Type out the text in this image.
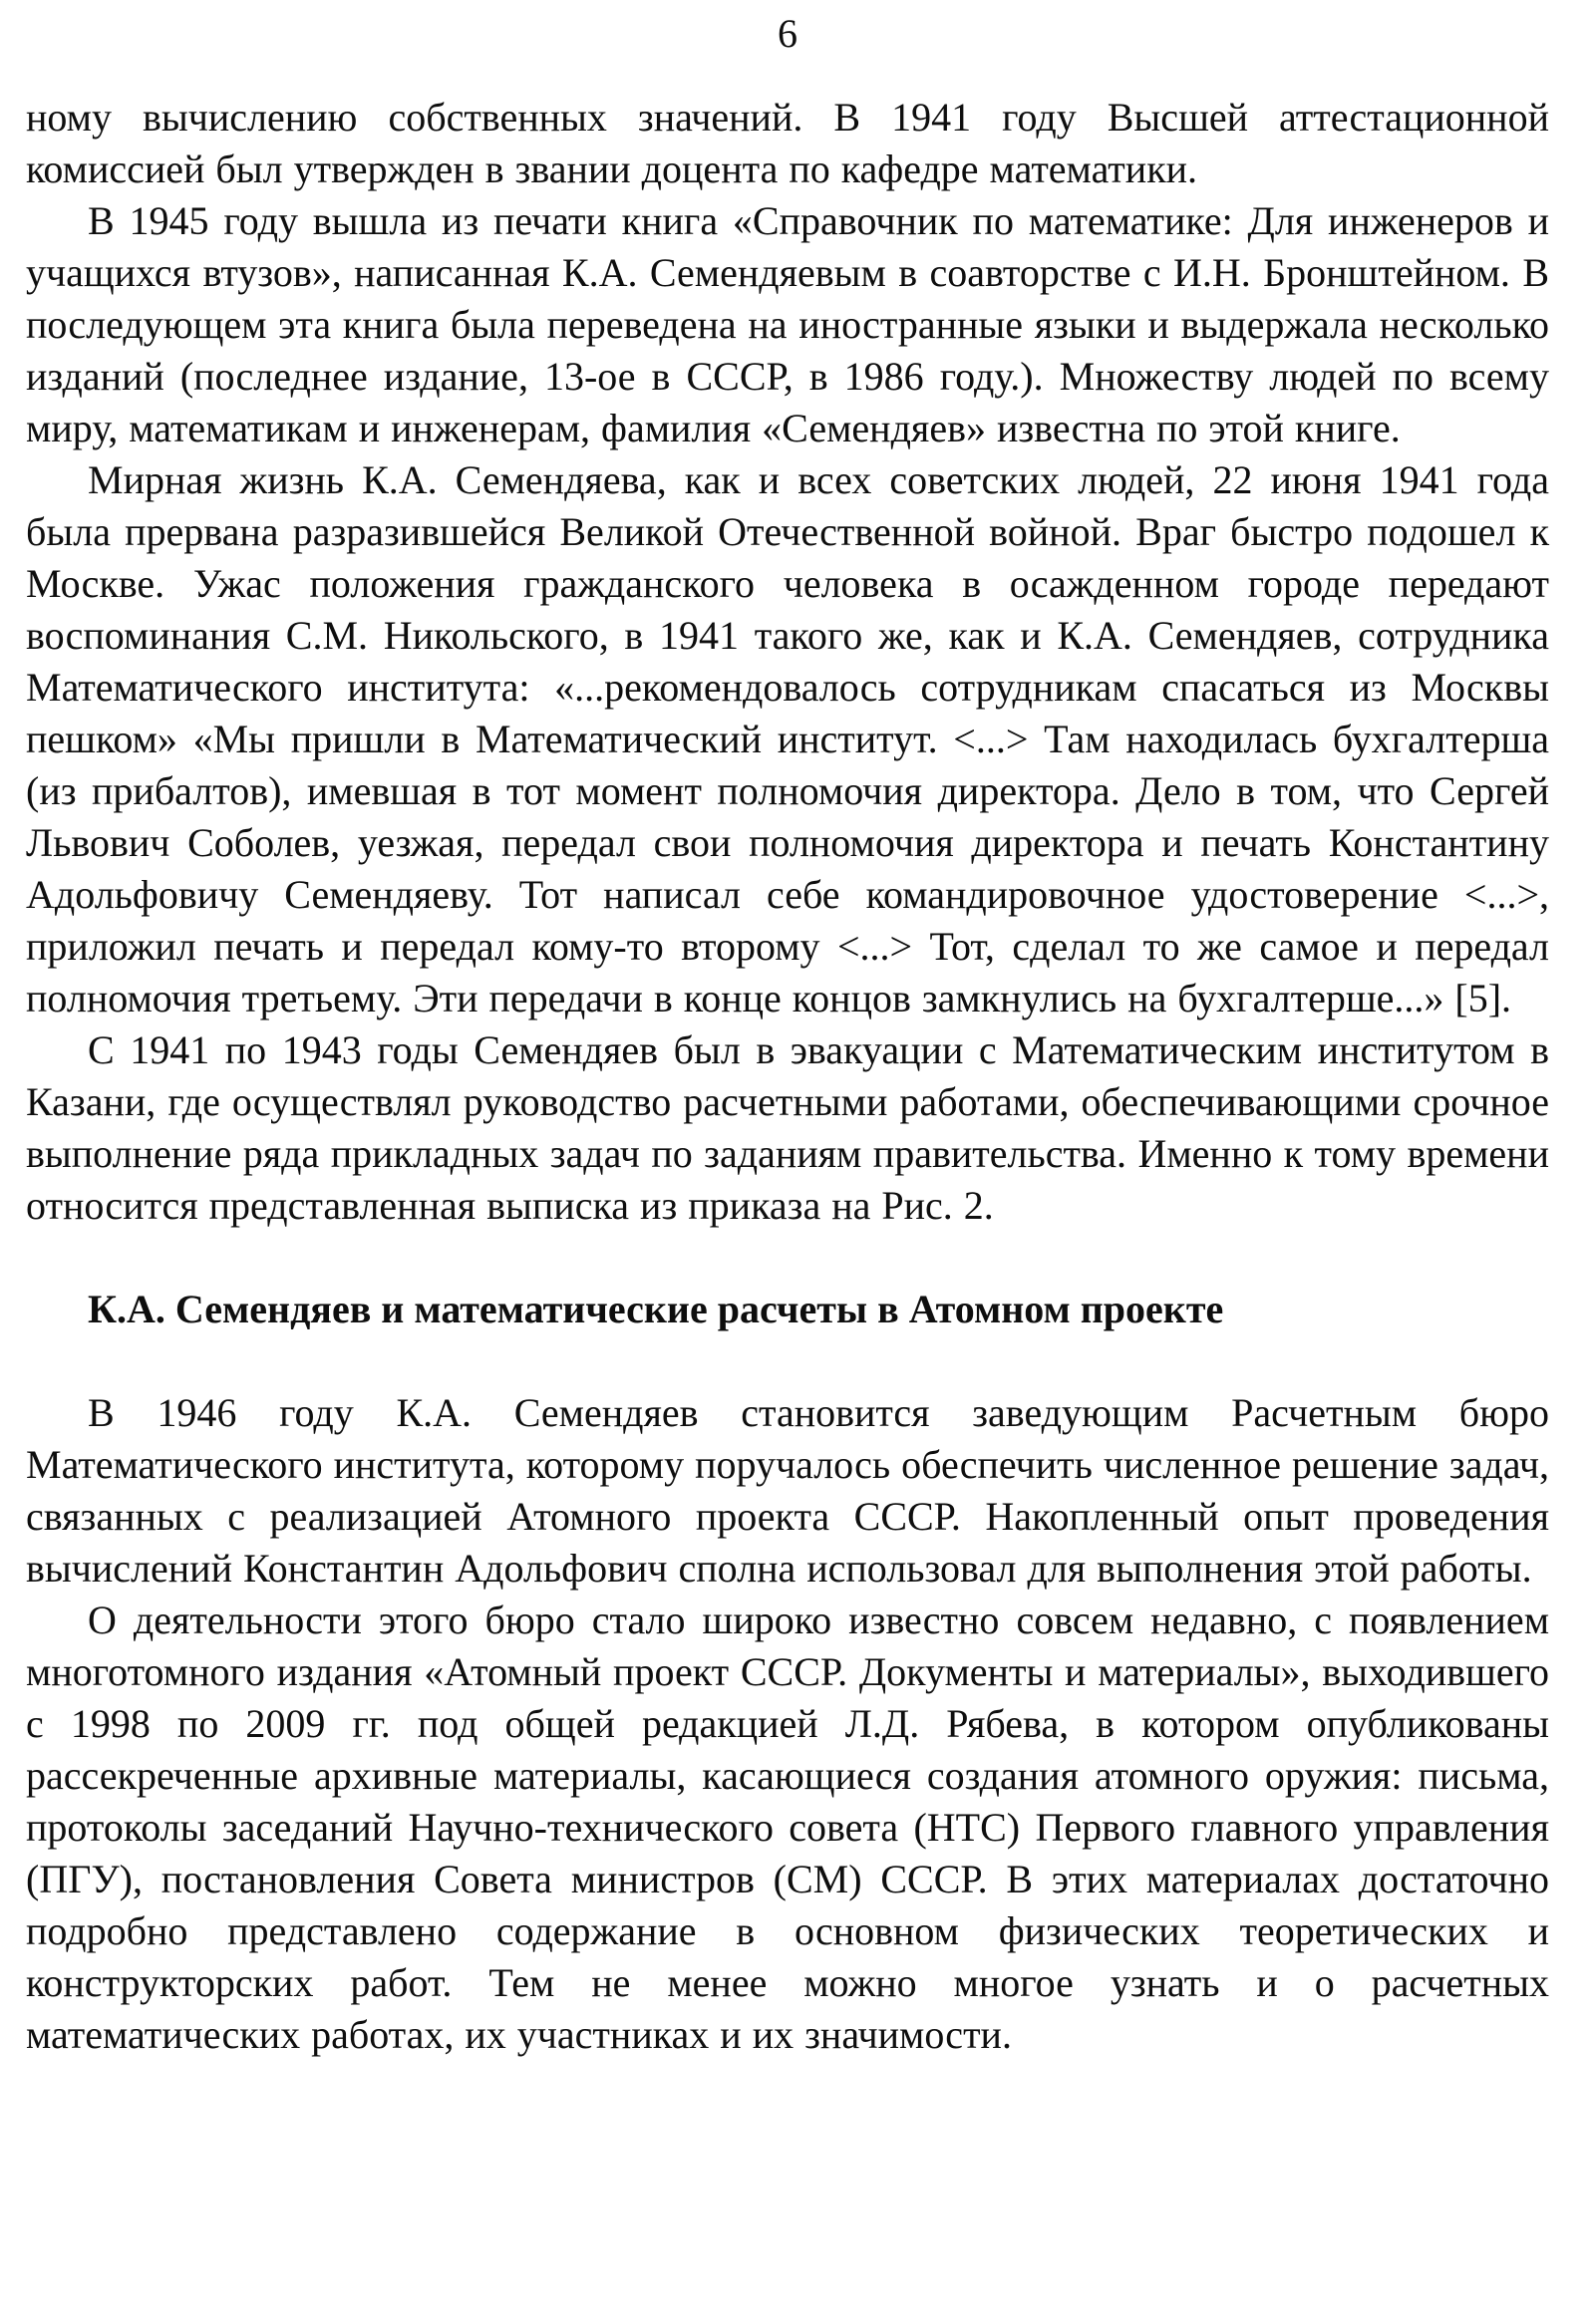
6

ному вычислению собственных значений. В 1941 году Высшей аттестационной комиссией был утвержден в звании доцента по кафедре математики.

В 1945 году вышла из печати книга «Справочник по математике: Для инженеров и учащихся втузов», написанная К.А. Семендяевым в соавторстве с И.Н. Бронштейном. В последующем эта книга была переведена на иностранные языки и выдержала несколько изданий (последнее издание, 13-ое в СССР, в 1986 году.). Множеству людей по всему миру, математикам и инженерам, фамилия «Семендяев» известна по этой книге.

Мирная жизнь К.А. Семендяева, как и всех советских людей, 22 июня 1941 года была прервана разразившейся Великой Отечественной войной. Враг быстро подошел к Москве. Ужас положения гражданского человека в осажденном городе передают воспоминания С.М. Никольского, в 1941 такого же, как и К.А. Семендяев, сотрудника Математического института: «...рекомендовалось сотрудникам спасаться из Москвы пешком» «Мы пришли в Математический институт. <...> Там находилась бухгалтерша (из прибалтов), имевшая в тот момент полномочия директора. Дело в том, что Сергей Львович Соболев, уезжая, передал свои полномочия директора и печать Константину Адольфовичу Семендяеву. Тот написал себе командировочное удостоверение <...>, приложил печать и передал кому-то второму <...> Тот, сделал то же самое и передал полномочия третьему. Эти передачи в конце концов замкнулись на бухгалтерше...» [5].

С 1941 по 1943 годы Семендяев был в эвакуации с Математическим институтом в Казани, где осуществлял руководство расчетными работами, обеспечивающими срочное выполнение ряда прикладных задач по заданиям правительства. Именно к тому времени относится представленная выписка из приказа на Рис. 2.

К.А. Семендяев и математические расчеты в Атомном проекте

В 1946 году К.А. Семендяев становится заведующим Расчетным бюро Математического института, которому поручалось обеспечить численное решение задач, связанных с реализацией Атомного проекта СССР. Накопленный опыт проведения вычислений Константин Адольфович сполна использовал для выполнения этой работы.

О деятельности этого бюро стало широко известно совсем недавно, с появлением многотомного издания «Атомный проект СССР. Документы и материалы», выходившего с 1998 по 2009 гг. под общей редакцией Л.Д. Рябева, в котором опубликованы рассекреченные архивные материалы, касающиеся создания атомного оружия: письма, протоколы заседаний Научно-технического совета (НТС) Первого главного управления (ПГУ), постановления Совета министров (СМ) СССР. В этих материалах достаточно подробно представлено содержание в основном физических теоретических и конструкторских работ. Тем не менее можно многое узнать и о расчетных математических работах, их участниках и их значимости.
